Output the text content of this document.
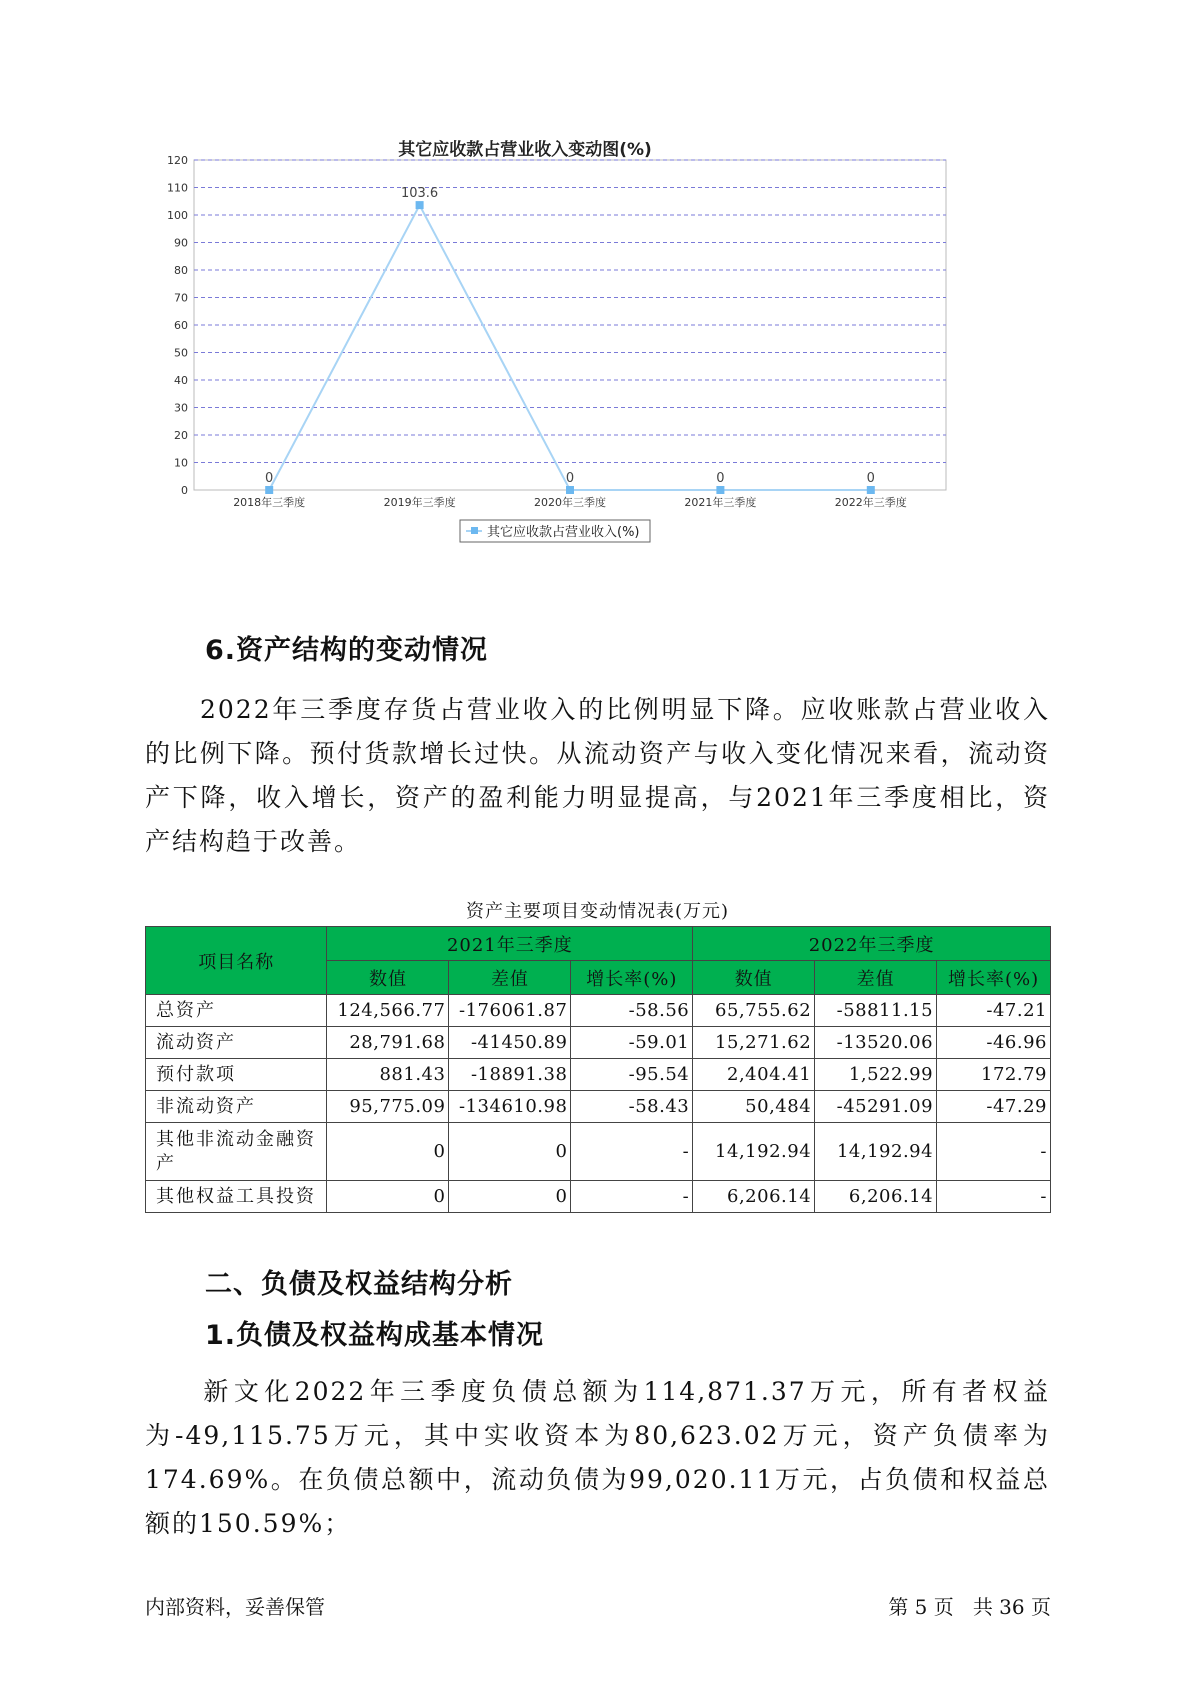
其它应收款占营业收入变动图(%)
0
10
20
30
40
50
60
70
80
90
100
110
120
2018年三季度	2019年三季度	2020年三季度	2021年三季度	2022年三季度
0
103.6
0	0	0
其它应收款占营业收入(%)
6.资产结构的变动情况
2022年三季度存货占营业收入的比例明显下降。应收账款占营业收入的比例下降。预付货款增长过快。从流动资产与收入变化情况来看，流动资产下降，收入增长，资产的盈利能力明显提高，与2021年三季度相比，资产结构趋于改善。
资产主要项目变动情况表(万元)
项目名称	2021年三季度			2022年三季度		
	数值	差值	增长率(%)	数值	差值	增长率(%)
总资产	124,566.77	-176061.87	-58.56	65,755.62	-58811.15	-47.21
流动资产	28,791.68	-41450.89	-59.01	15,271.62	-13520.06	-46.96
预付款项	881.43	-18891.38	-95.54	2,404.41	1,522.99	172.79
非流动资产	95,775.09	-134610.98	-58.43	50,484	-45291.09	-47.29
其他非流动金融资产	0	0	-	14,192.94	14,192.94	-
其他权益工具投资	0	0	-	6,206.14	6,206.14	-
二、负债及权益结构分析
1.负债及权益构成基本情况
新文化2022年三季度负债总额为114,871.37万元，所有者权益为-49,115.75万元，其中实收资本为80,623.02万元，资产负债率为174.69%。在负债总额中，流动负债为99,020.11万元，占负债和权益总额的150.59%；
内部资料，妥善保管	第 5 页   共 36 页
